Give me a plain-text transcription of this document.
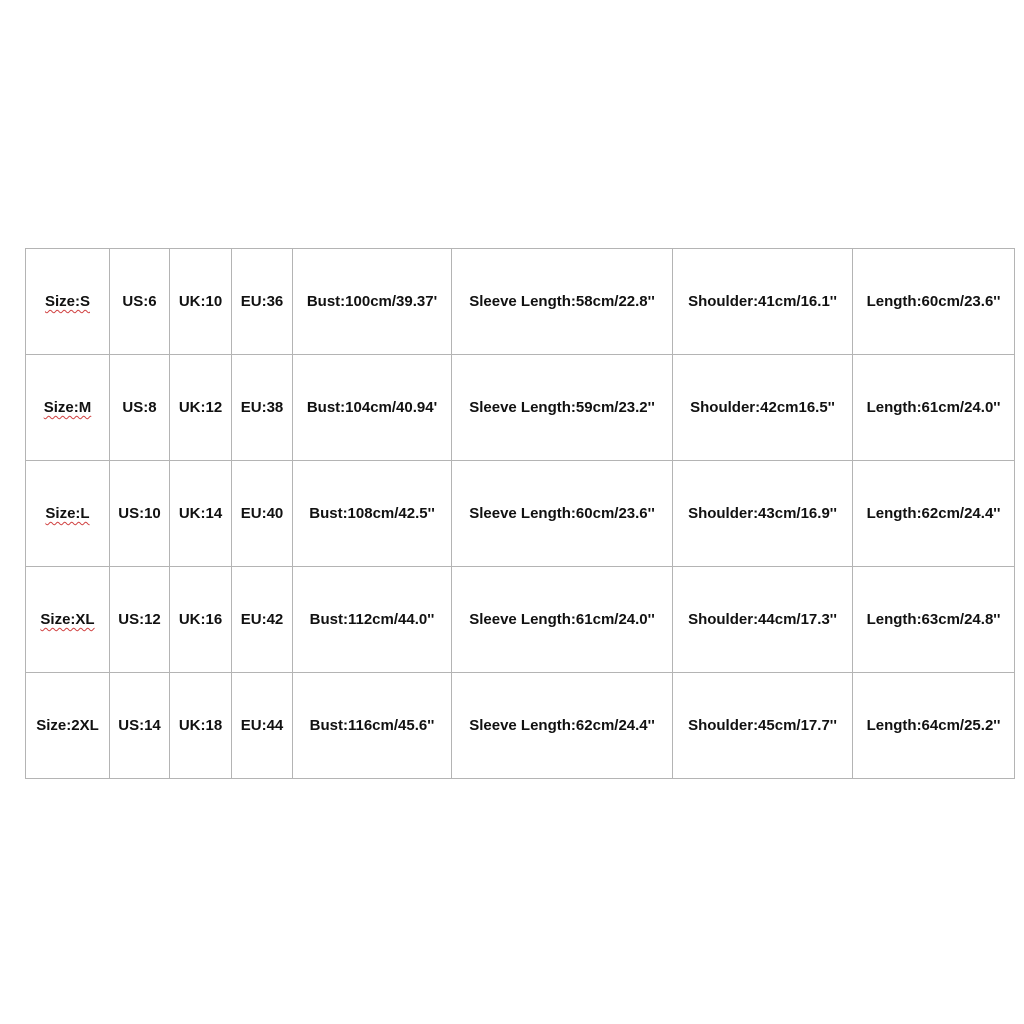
Size:S	US:6	UK:10	EU:36	Bust:100cm/39.37'	Sleeve Length:58cm/22.8''	Shoulder:41cm/16.1''	Length:60cm/23.6''
Size:M	US:8	UK:12	EU:38	Bust:104cm/40.94'	Sleeve Length:59cm/23.2''	Shoulder:42cm16.5''	Length:61cm/24.0''
Size:L	US:10	UK:14	EU:40	Bust:108cm/42.5''	Sleeve Length:60cm/23.6''	Shoulder:43cm/16.9''	Length:62cm/24.4''
Size:XL	US:12	UK:16	EU:42	Bust:112cm/44.0''	Sleeve Length:61cm/24.0''	Shoulder:44cm/17.3''	Length:63cm/24.8''
Size:2XL	US:14	UK:18	EU:44	Bust:116cm/45.6''	Sleeve Length:62cm/24.4''	Shoulder:45cm/17.7''	Length:64cm/25.2''
